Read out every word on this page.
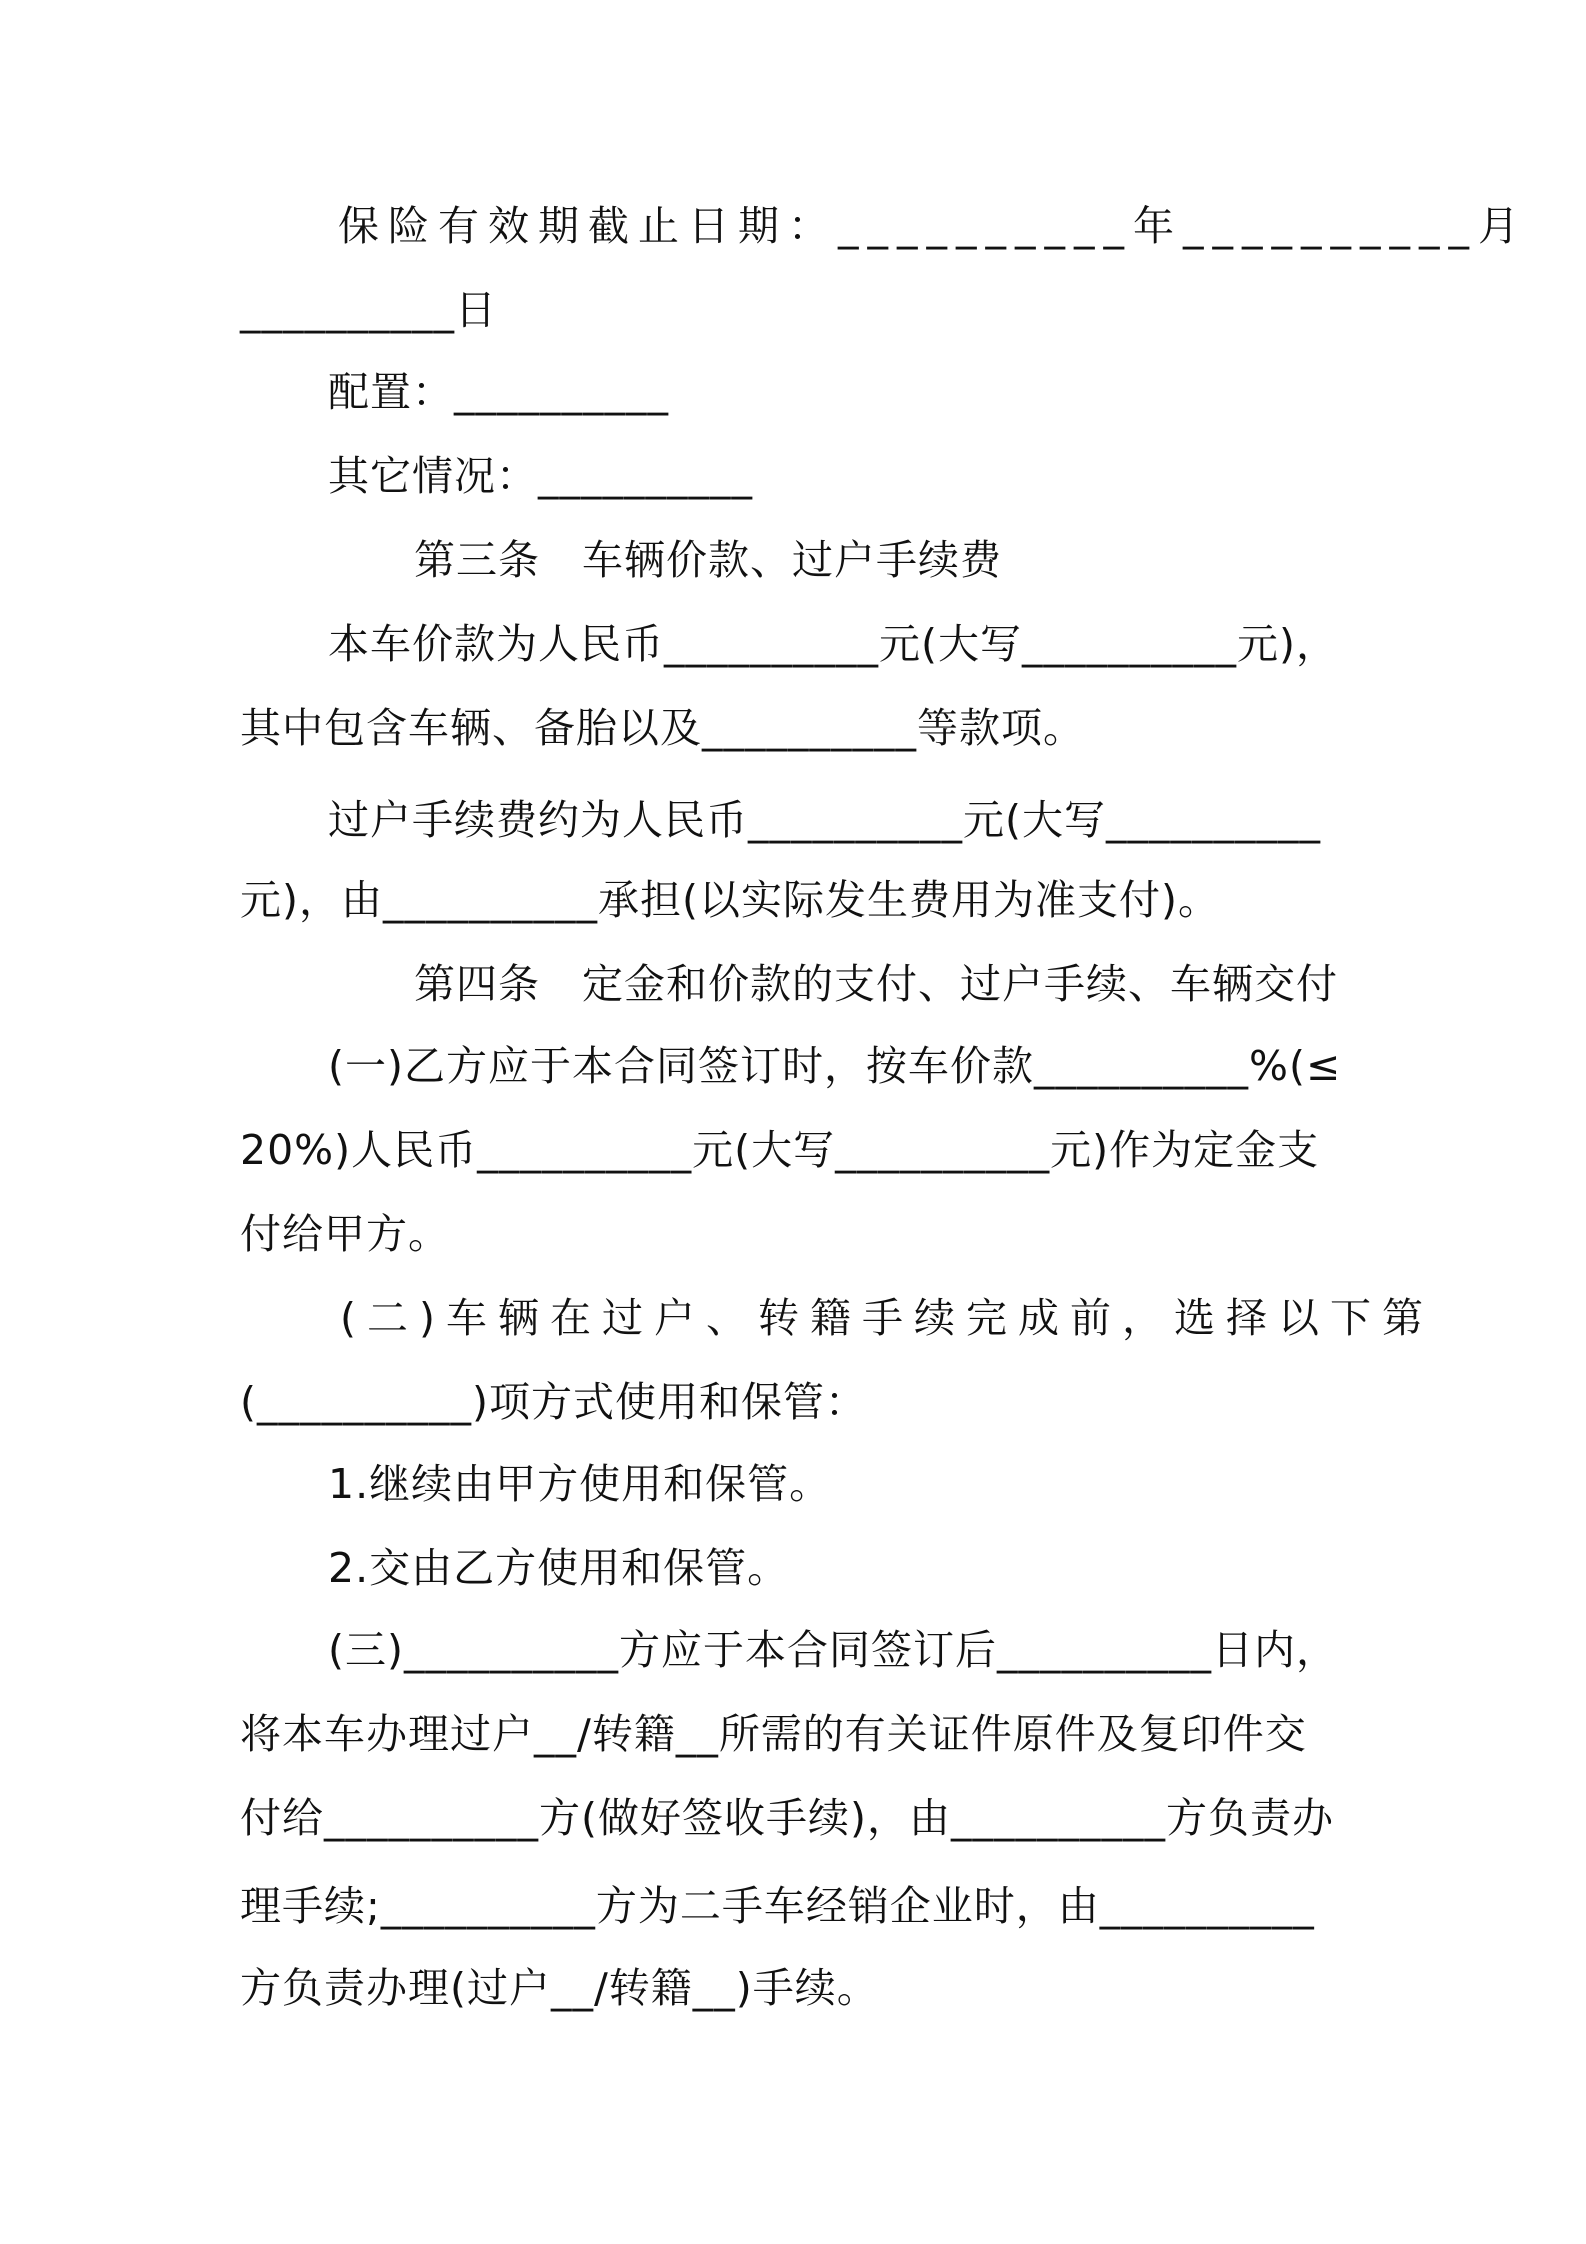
保险有效期截止日期：__________年__________月
__________日
配置：__________
其它情况：__________
第三条　车辆价款、过户手续费
本车价款为人民币__________元(大写__________元)，
其中包含车辆、备胎以及__________等款项。
过户手续费约为人民币__________元(大写__________
元)，由__________承担(以实际发生费用为准支付)。
第四条　定金和价款的支付、过户手续、车辆交付
(一)乙方应于本合同签订时，按车价款__________%(≤
20%)人民币__________元(大写__________元)作为定金支
付给甲方。
(二)车辆在过户、转籍手续完成前，选择以下第
(__________)项方式使用和保管：
1.继续由甲方使用和保管。
2.交由乙方使用和保管。
(三)__________方应于本合同签订后__________日内，
将本车办理过户__/转籍__所需的有关证件原件及复印件交
付给__________方(做好签收手续)，由__________方负责办
理手续;__________方为二手车经销企业时，由__________
方负责办理(过户__/转籍__)手续。
